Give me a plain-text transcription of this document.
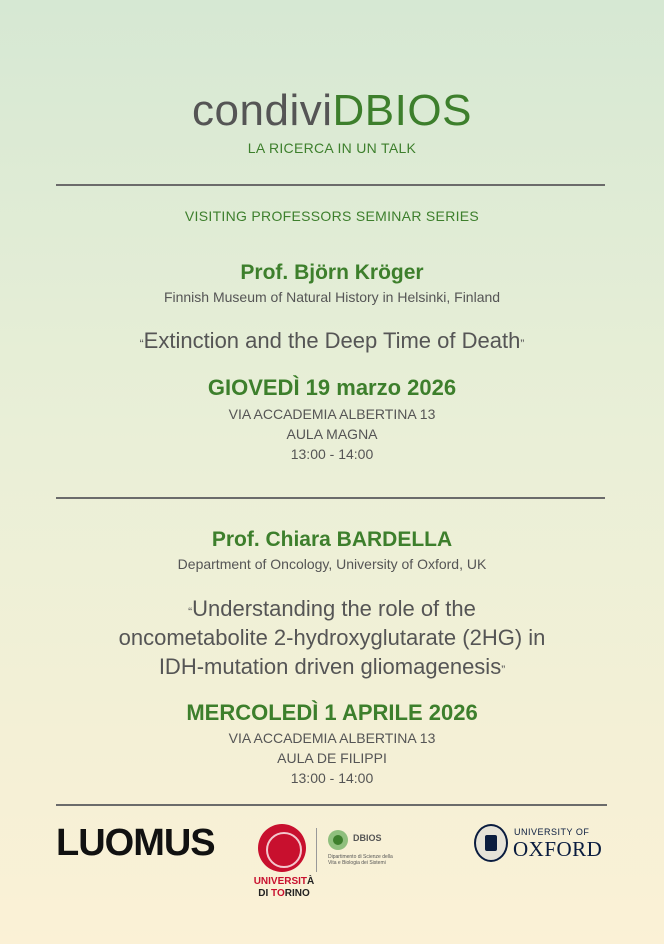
condiviDBIOS
LA RICERCA IN UN TALK
VISITING PROFESSORS SEMINAR SERIES
Prof. Björn Kröger
Finnish Museum of Natural History in Helsinki, Finland
“Extinction and the Deep Time of Death”
GIOVEDÌ 19 marzo 2026
VIA ACCADEMIA ALBERTINA 13
AULA MAGNA
13:00 - 14:00
Prof. Chiara BARDELLA
Department of Oncology, University of Oxford, UK
“Understanding the role of the
oncometabolite 2-hydroxyglutarate (2HG) in
IDH-mutation driven gliomagenesis”
MERCOLEDÌ 1 APRILE 2026
VIA ACCADEMIA ALBERTINA 13
AULA DE FILIPPI
13:00 - 14:00
LUOMUS
UNIVERSITÀ
DI TORINO
DBIOS
Dipartimento di Scienze della Vita e Biologia dei Sistemi
UNIVERSITY OF
OXFORD
